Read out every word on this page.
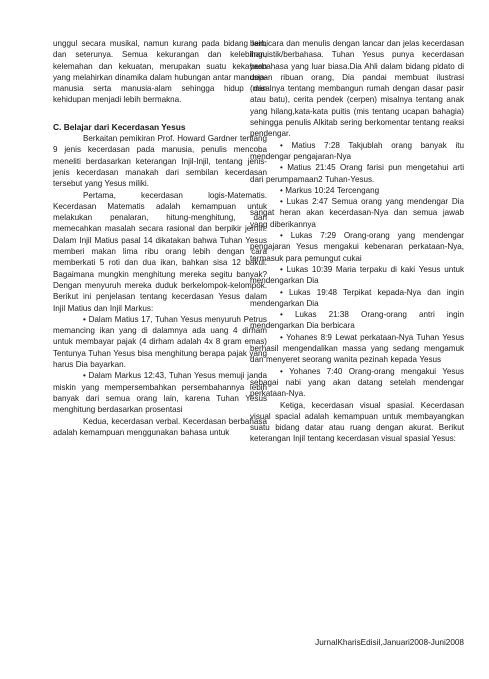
unggul secara musikal, namun kurang pada bidang lain, dan seterunya. Semua kekurangan dan kelebihan, kelemahan dan kekuatan, merupakan suatu kekayaan yang melahirkan dinamika dalam hubungan antar manusia-manusia serta manusia-alam sehingga hidup dan kehidupan menjadi lebih bermakna.

C. Belajar dari Kecerdasan Yesus

Berkaitan pemikiran Prof. Howard Gardner tentang 9 jenis kecerdasan pada manusia, penulis mencoba meneliti berdasarkan keterangan Injil-Injil, tentang jenis-jenis kecerdasan manakah dari sembilan kecerdasan tersebut yang Yesus miliki.

Pertama, kecerdasan logis-Matematis. Kecerdasan Matematis adalah kemampuan untuk melakukan penalaran, hitung-menghitung, dan memecahkan masalah secara rasional dan berpikir jernih. Dalam Injil Matius pasal 14 dikatakan bahwa Tuhan Yesus memberi makan lima ribu orang lebih dengan cara memberkati 5 roti dan dua ikan, bahkan sisa 12 bakul. Bagaimana mungkin menghitung mereka segitu banyak? Dengan menyuruh mereka duduk berkelompok-kelompok. Berikut ini penjelasan tentang kecerdasan Yesus dalam Injil Matius dan Injil Markus:

• Dalam Matius 17, Tuhan Yesus menyuruh Petrus memancing ikan yang di dalamnya ada uang 4 dirham untuk membayar pajak (4 dirham adalah 4x 8 gram emas) Tentunya Tuhan Yesus bisa menghitung berapa pajak yang harus Dia bayarkan.

• Dalam Markus 12:43, Tuhan Yesus memuji janda miskin yang mempersembahkan persembahannya lebih banyak dari semua orang lain, karena Tuhan Yesus menghitung berdasarkan prosentasi

Kedua, kecerdasan verbal. Kecerdasan berbahasa adalah kemampuan menggunakan bahasa untuk

berbicara dan menulis dengan lancar dan jelas kecerdasan linguistik/berbahasa. Tuhan Yesus punya kecerdasan berbahasa yang luar biasa.Dia Ahli dalam bidang pidato di depan ribuan orang, Dia pandai membuat ilustrasi (misalnya tentang membangun rumah dengan dasar pasir atau batu), cerita pendek (cerpen) misalnya tentang anak yang hilang,kata-kata puitis (mis tentang ucapan bahagia) sehingga penulis Alkitab sering berkomentar tentang reaksi pendengar.

• Matius 7:28 Takjublah orang banyak itu mendengar pengajaran-Nya

• Matius 21:45 Orang farisi pun mengetahui arti dari perumpamaan2 Tuhan-Yesus.

• Markus 10:24 Tercengang

• Lukas 2:47 Semua orang yang mendengar Dia sangat heran akan kecerdasan-Nya dan semua jawab yang diberikannya

• Lukas 7:29 Orang-orang yang mendengar pengajaran Yesus mengakui kebenaran perkataan-Nya, termasuk para pemungut cukai

• Lukas 10:39 Maria terpaku di kaki Yesus untuk mendengarkan Dia

• Lukas 19:48 Terpikat kepada-Nya dan ingin mendengarkan Dia

• Lukas 21:38 Orang-orang antri ingin mendengarkan Dia berbicara

• Yohanes 8:9 Lewat perkataan-Nya Tuhan Yesus berhasil mengendalikan massa yang sedang mengamuk dan menyeret seorang wanita pezinah kepada Yesus

• Yohanes 7:40 Orang-orang mengakui Yesus sebagai nabi yang akan datang setelah mendengar perkataan-Nya.

Ketiga, kecerdasan visual spasial. Kecerdasan visual spacial adalah kemampuan untuk membayangkan suatu bidang datar atau ruang dengan akurat. Berikut keterangan Injil tentang kecerdasan visual spasial Yesus:

JurnalKharisEdisiI,Januari2008-Juni2008
